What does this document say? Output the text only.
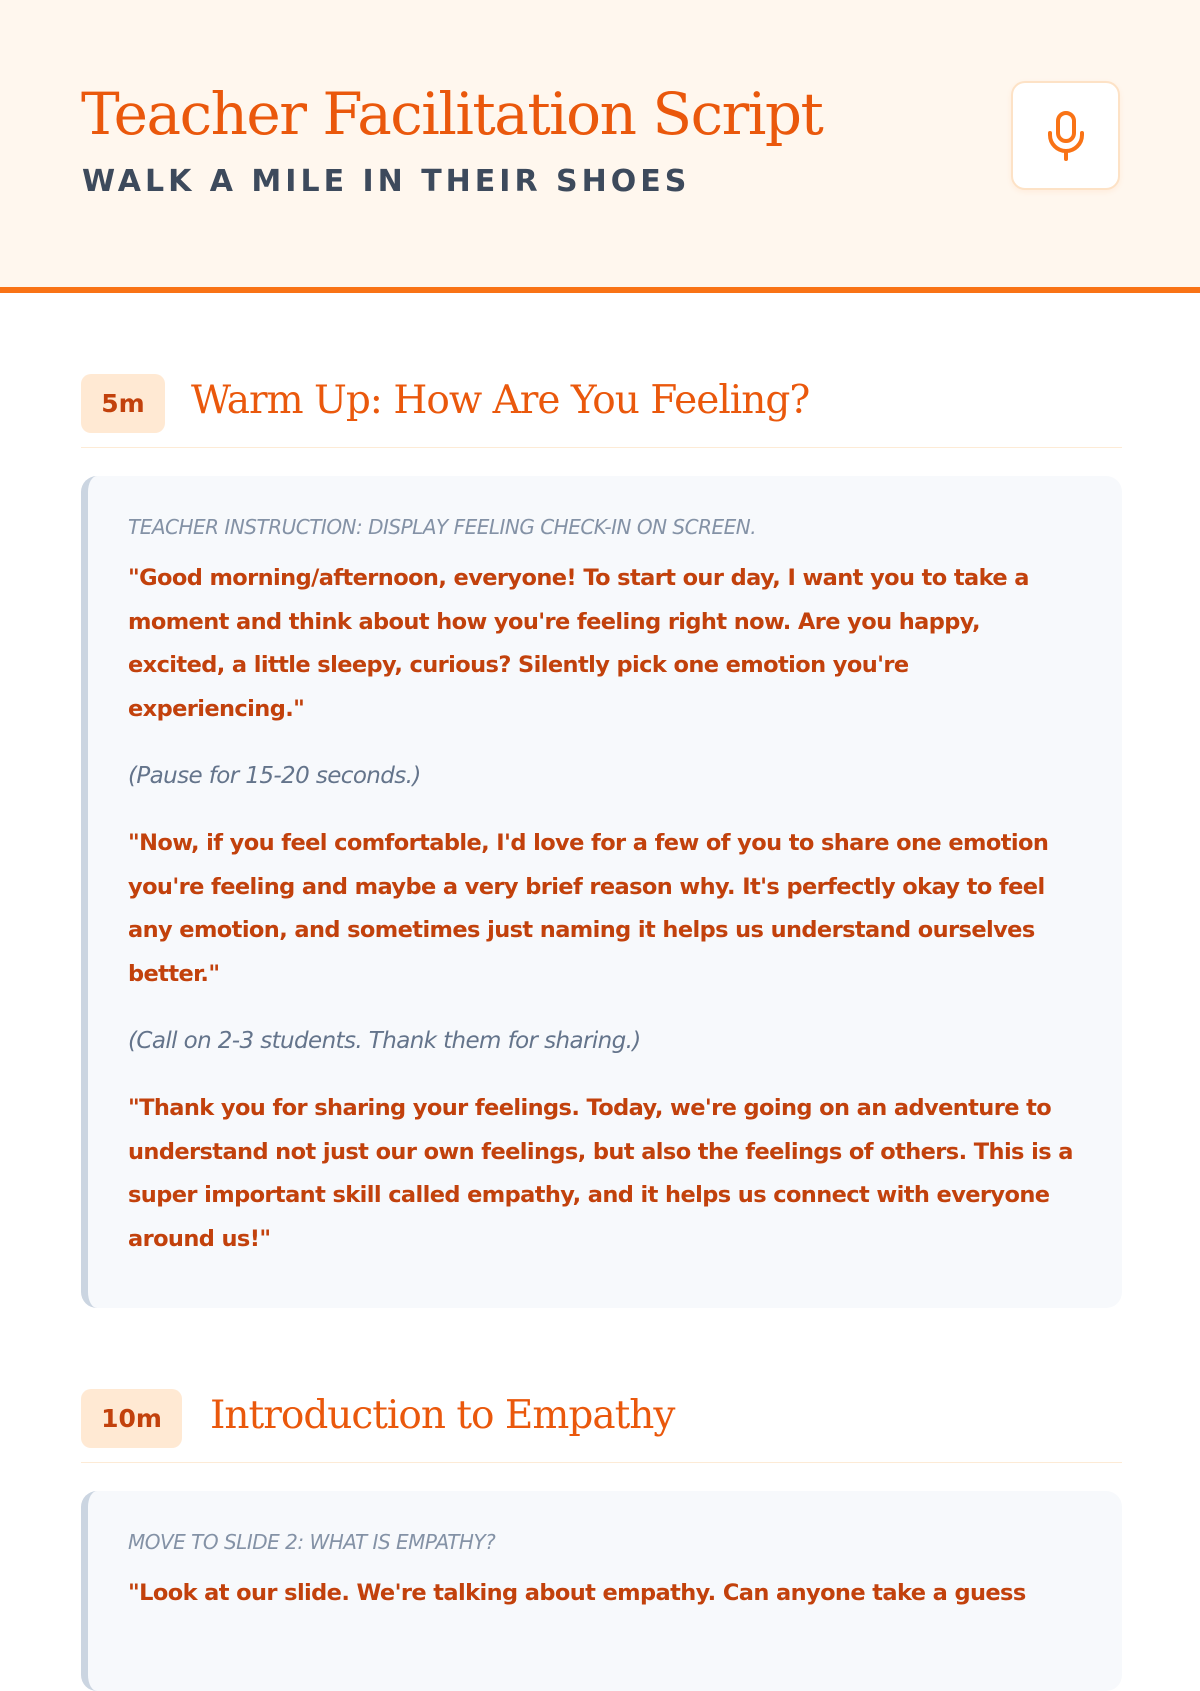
Teacher Facilitation Script
WALK A MILE IN THEIR SHOES
5m	Warm Up: How Are You Feeling?
TEACHER INSTRUCTION: DISPLAY FEELING CHECK-IN ON SCREEN.

"Good morning/afternoon, everyone! To start our day, I want you to take a moment and think about how you're feeling right now. Are you happy, excited, a little sleepy, curious? Silently pick one emotion you're experiencing."

(Pause for 15-20 seconds.)

"Now, if you feel comfortable, I'd love for a few of you to share one emotion you're feeling and maybe a very brief reason why. It's perfectly okay to feel any emotion, and sometimes just naming it helps us understand ourselves better."

(Call on 2-3 students. Thank them for sharing.)

"Thank you for sharing your feelings. Today, we're going on an adventure to understand not just our own feelings, but also the feelings of others. This is a super important skill called empathy, and it helps us connect with everyone around us!"

10m	Introduction to Empathy
MOVE TO SLIDE 2: WHAT IS EMPATHY?

"Look at our slide. We're talking about empathy. Can anyone take a guess
